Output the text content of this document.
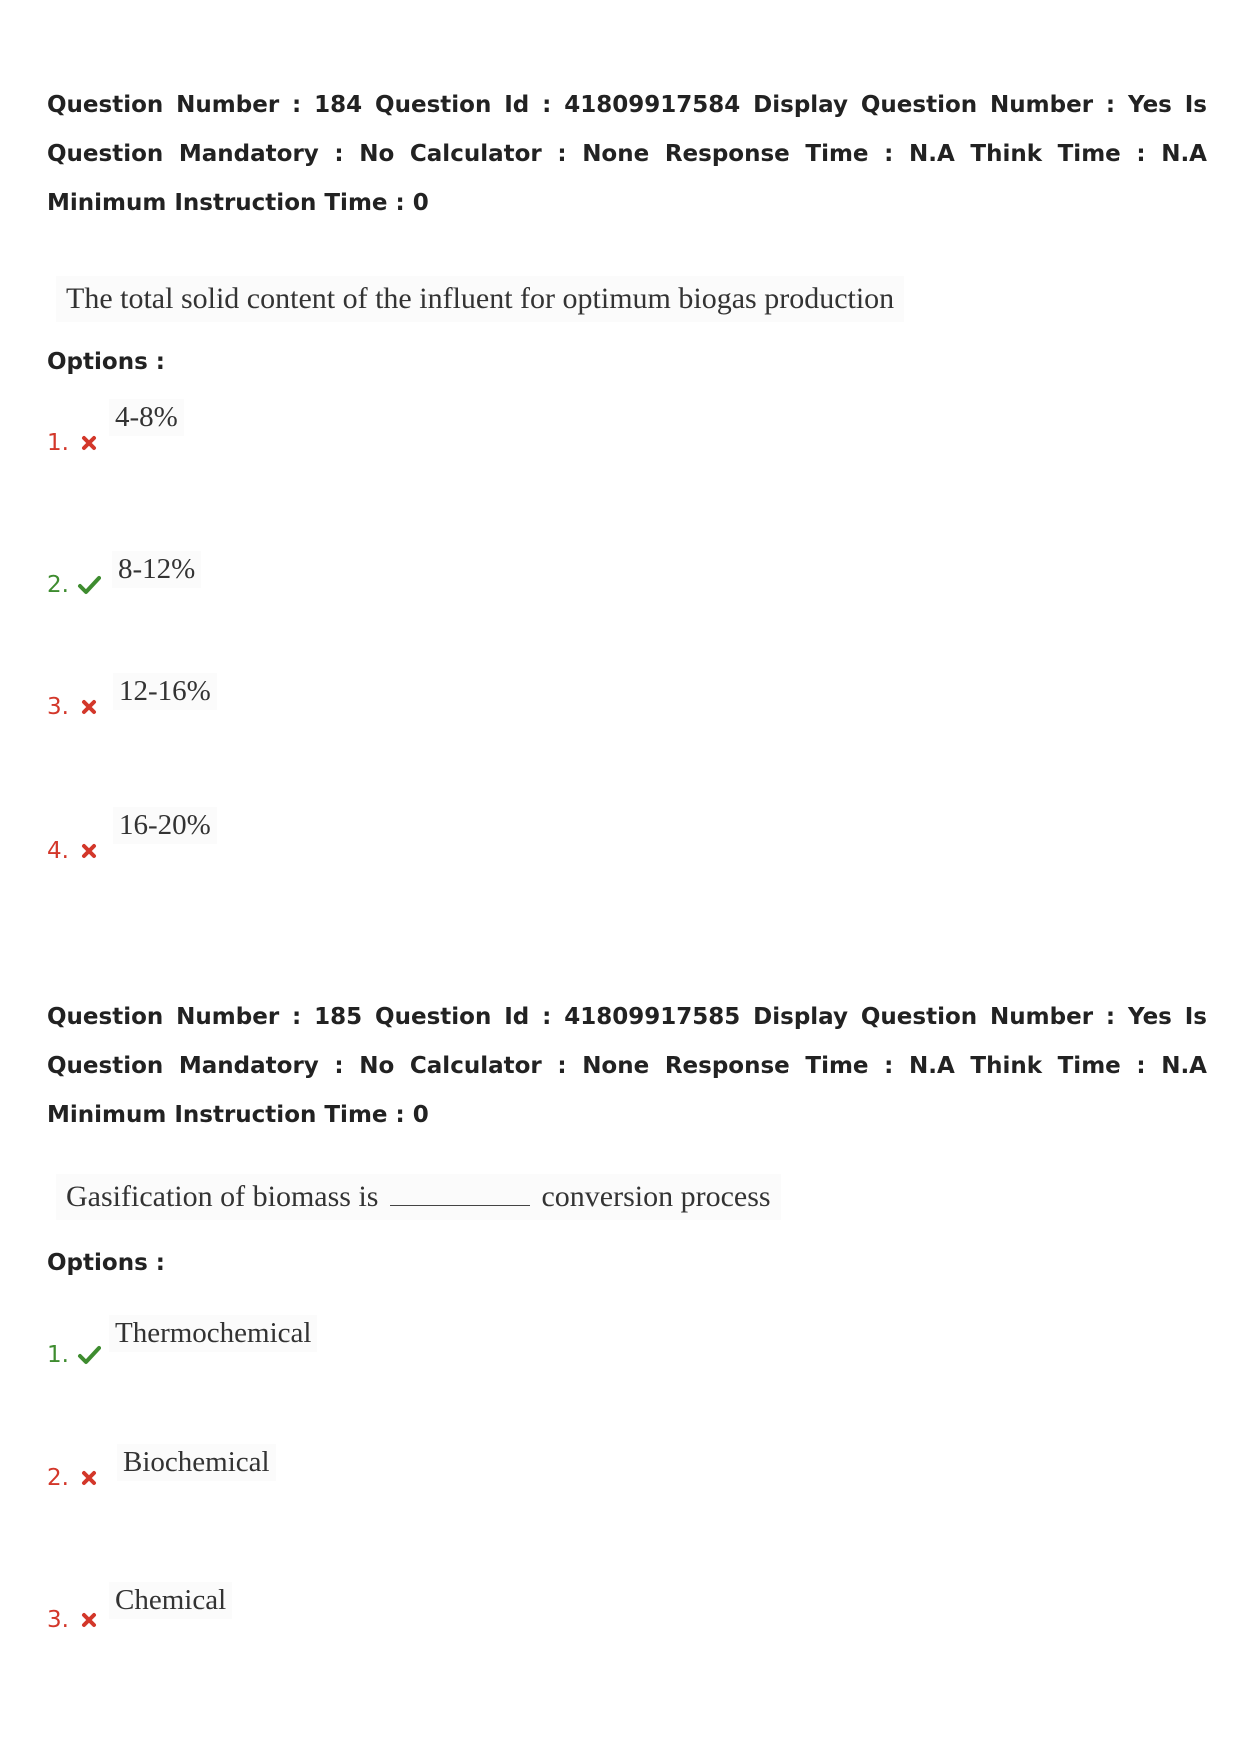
Question Number : 184 Question Id : 41809917584 Display Question Number : Yes Is Question Mandatory : No Calculator : None Response Time : N.A Think Time : N.A Minimum Instruction Time : 0
The total solid content of the influent for optimum biogas production
Options :
1.
4-8%
2. 8-12%
3. 12-16%
4.
16-20%
Question Number : 185 Question Id : 41809917585 Display Question Number : Yes Is Question Mandatory : No Calculator : None Response Time : N.A Think Time : N.A Minimum Instruction Time : 0
Gasification of biomass is	conversion process
Options :
1.
Thermochemical
2. Biochemical
3.
Chemical
